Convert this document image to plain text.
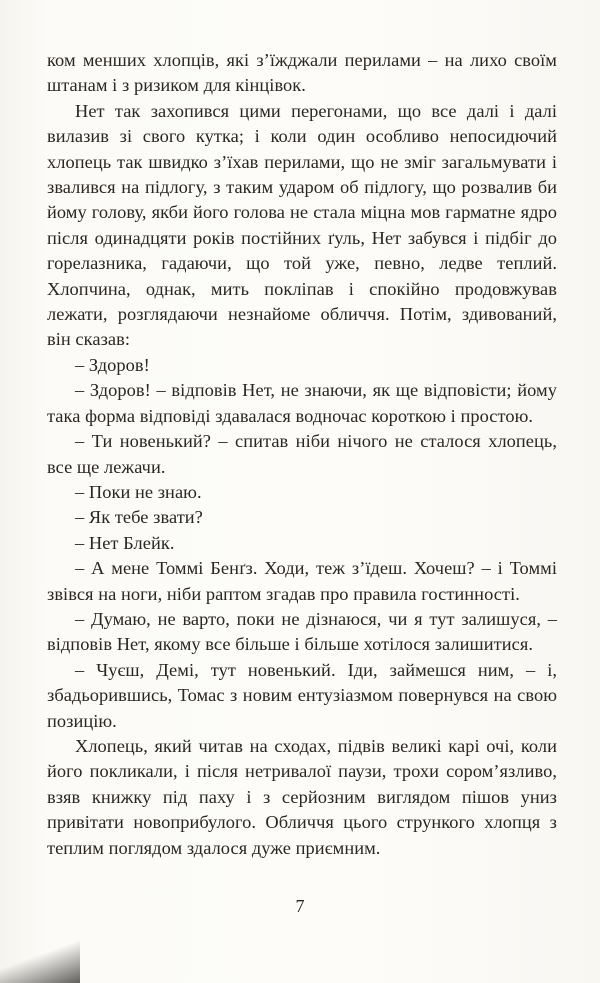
ком менших хлопців, які з’їжджали перилами – на лихо своїм штанам і з ризиком для кінцівок.

Нет так захопився цими перегонами, що все далі і далі вилазив зі свого кутка; і коли один особливо непосидючий хлопець так швидко з’їхав перилами, що не зміг загальмувати і звалився на підлогу, з таким ударом об підлогу, що розвалив би йому голову, якби його голова не стала міцна мов гарматне ядро після одинадцяти років постійних ґуль, Нет забувся і підбіг до горелазника, гадаючи, що той уже, певно, ледве теплий. Хлопчина, однак, мить покліпав і спокійно продовжував лежати, розглядаючи незнайоме обличчя. Потім, здивований, він сказав:

– Здоров!

– Здоров! – відповів Нет, не знаючи, як ще відповісти; йому така форма відповіді здавалася водночас короткою і простою.

– Ти новенький? – спитав ніби нічого не сталося хлопець, все ще лежачи.

– Поки не знаю.

– Як тебе звати?

– Нет Блейк.

– А мене Томмі Бенґз. Ходи, теж з’їдеш. Хочеш? – і Томмі звівся на ноги, ніби раптом згадав про правила гостинності.

– Думаю, не варто, поки не дізнаюся, чи я тут залишуся, – відповів Нет, якому все більше і більше хотілося залишитися.

– Чуєш, Демі, тут новенький. Іди, займешся ним, – і, збадьорившись, Томас з новим ентузіазмом повернувся на свою позицію.

Хлопець, який читав на сходах, підвів великі карі очі, коли його покликали, і після нетривалої паузи, трохи сором’язливо, взяв книжку під паху і з серйозним виглядом пішов униз привітати новоприбулого. Обличчя цього стрункого хлопця з теплим поглядом здалося дуже приємним.

7
